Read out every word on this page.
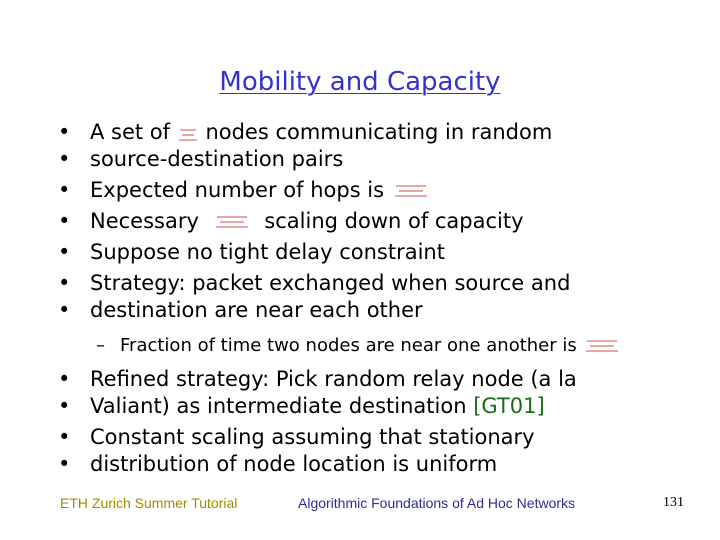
Mobility and Capacity
• A set of nodes communicating in random
• source-destination pairs
• Expected number of hops is
• Necessary	scaling down of capacity
• Suppose no tight delay constraint
• Strategy: packet exchanged when source and
• destination are near each other
– Fraction of time two nodes are near one another is
• Refined strategy: Pick random relay node (a la
• Valiant) as intermediate destination [GT01]
• Constant scaling assuming that stationary
• distribution of node location is uniform
ETH Zurich Summer Tutorial	Algorithmic Foundations of Ad Hoc Networks	131
